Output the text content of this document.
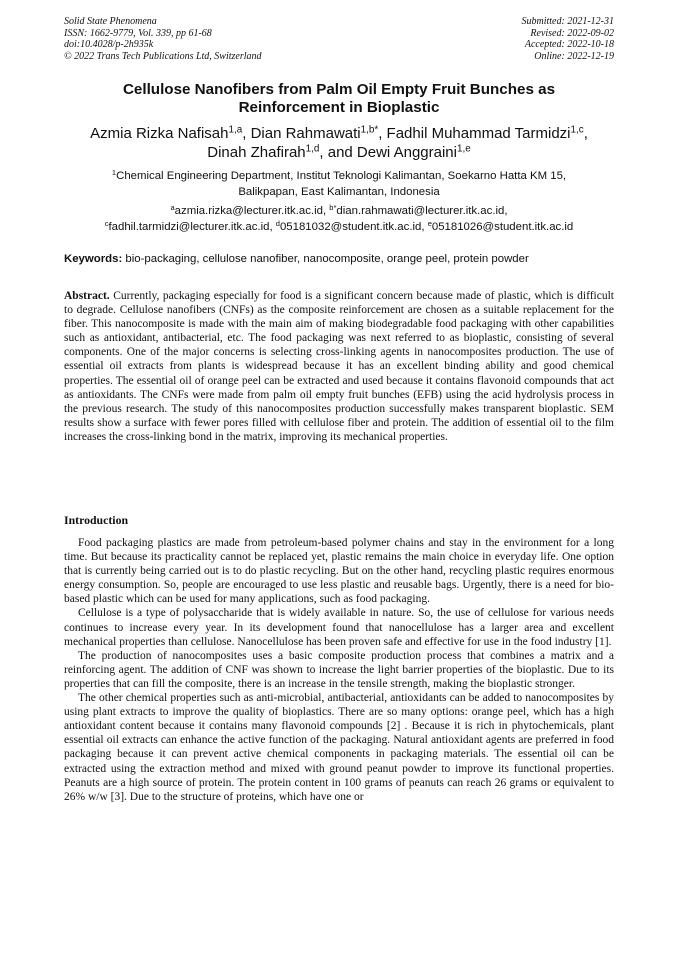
Solid State Phenomena
ISSN: 1662-9779, Vol. 339, pp 61-68
doi:10.4028/p-2h935k
© 2022 Trans Tech Publications Ltd, Switzerland
Submitted: 2021-12-31
Revised: 2022-09-02
Accepted: 2022-10-18
Online: 2022-12-19
Cellulose Nanofibers from Palm Oil Empty Fruit Bunches as
Reinforcement in Bioplastic
Azmia Rizka Nafisah$^{1,a}$, Dian Rahmawati$^{1,b*}$, Fadhil Muhammad Tarmidzi$^{1,c}$,
Dinah Zhafirah$^{1,d}$, and Dewi Anggraini$^{1,e}$
$^1$Chemical Engineering Department, Institut Teknologi Kalimantan, Soekarno Hatta KM 15,
Balikpapan, East Kalimantan, Indonesia
$^a$azmia.rizka@lecturer.itk.ac.id, $^{b*}$dian.rahmawati@lecturer.itk.ac.id,
$^c$fadhil.tarmidzi@lecturer.itk.ac.id, $^d$05181032@student.itk.ac.id, $^e$05181026@student.itk.ac.id
Keywords: bio-packaging, cellulose nanofiber, nanocomposite, orange peel, protein powder
Abstract. Currently, packaging especially for food is a significant concern because made of plastic, which is difficult to degrade. Cellulose nanofibers (CNFs) as the composite reinforcement are chosen as a suitable replacement for the fiber. This nanocomposite is made with the main aim of making biodegradable food packaging with other capabilities such as antioxidant, antibacterial, etc. The food packaging was next referred to as bioplastic, consisting of several components. One of the major concerns is selecting cross-linking agents in nanocomposites production. The use of essential oil extracts from plants is widespread because it has an excellent binding ability and good chemical properties. The essential oil of orange peel can be extracted and used because it contains flavonoid compounds that act as antioxidants. The CNFs were made from palm oil empty fruit bunches (EFB) using the acid hydrolysis process in the previous research. The study of this nanocomposites production successfully makes transparent bioplastic. SEM results show a surface with fewer pores filled with cellulose fiber and protein. The addition of essential oil to the film increases the cross-linking bond in the matrix, improving its mechanical properties.
Introduction

Food packaging plastics are made from petroleum-based polymer chains and stay in the environment for a long time. But because its practicality cannot be replaced yet, plastic remains the main choice in everyday life. One option that is currently being carried out is to do plastic recycling. But on the other hand, recycling plastic requires enormous energy consumption. So, people are encouraged to use less plastic and reusable bags. Urgently, there is a need for bio-based plastic which can be used for many applications, such as food packaging.

Cellulose is a type of polysaccharide that is widely available in nature. So, the use of cellulose for various needs continues to increase every year. In its development found that nanocellulose has a larger area and excellent mechanical properties than cellulose. Nanocellulose has been proven safe and effective for use in the food industry [1].

The production of nanocomposites uses a basic composite production process that combines a matrix and a reinforcing agent. The addition of CNF was shown to increase the light barrier properties of the bioplastic. Due to its properties that can fill the composite, there is an increase in the tensile strength, making the bioplastic stronger.

The other chemical properties such as anti-microbial, antibacterial, antioxidants can be added to nanocomposites by using plant extracts to improve the quality of bioplastics. There are so many options: orange peel, which has a high antioxidant content because it contains many flavonoid compounds [2] . Because it is rich in phytochemicals, plant essential oil extracts can enhance the active function of the packaging. Natural antioxidant agents are preferred in food packaging because it can prevent active chemical components in packaging materials. The essential oil can be extracted using the extraction method and mixed with ground peanut powder to improve its functional properties. Peanuts are a high source of protein. The protein content in 100 grams of peanuts can reach 26 grams or equivalent to 26% w/w [3]. Due to the structure of proteins, which have one or
